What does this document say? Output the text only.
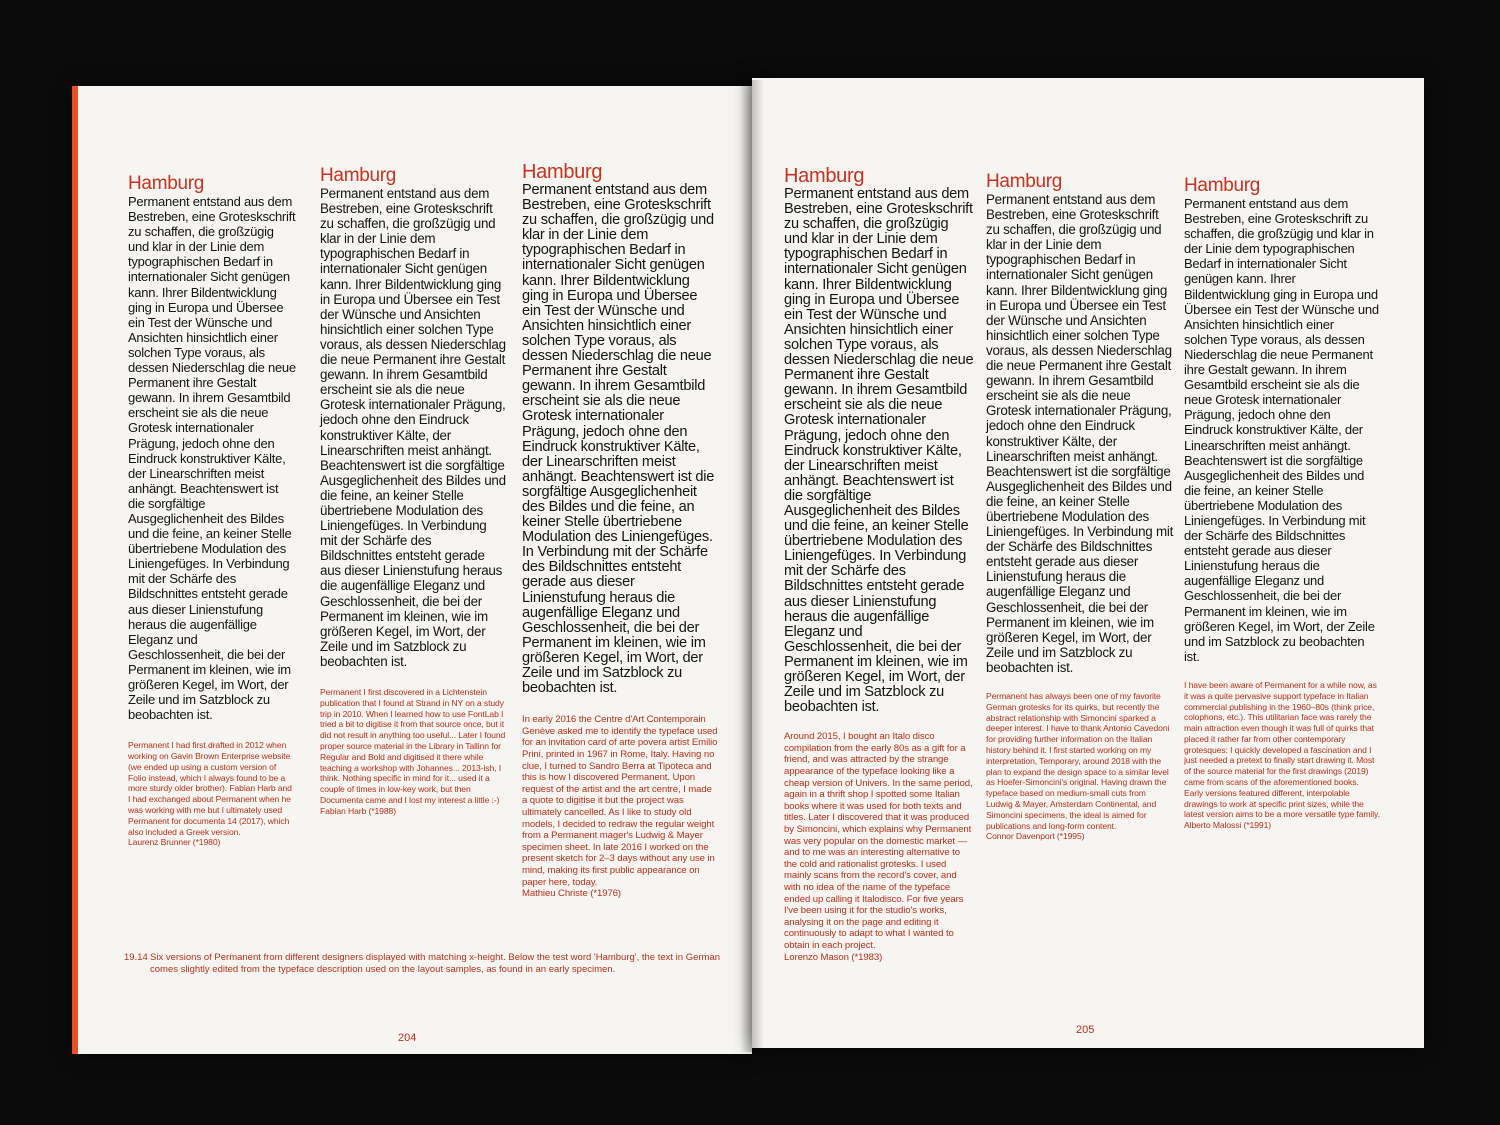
Hamburg

Permanent entstand aus dem Bestreben, eine Groteskschrift zu schaffen, die großzügig und klar in der Linie dem typographischen Bedarf in internationaler Sicht genügen kann. Ihrer Bildentwicklung ging in Europa und Übersee ein Test der Wünsche und Ansichten hinsichtlich einer solchen Type voraus, als dessen Niederschlag die neue Permanent ihre Gestalt gewann. In ihrem Gesamtbild erscheint sie als die neue Grotesk internationaler Prägung, jedoch ohne den Eindruck konstruktiver Kälte, der Linearschriften meist anhängt. Beachtenswert ist die sorgfältige Ausgeglichenheit des Bildes und die feine, an keiner Stelle übertriebene Modulation des Liniengefüges. In Verbindung mit der Schärfe des Bildschnittes entsteht gerade aus dieser Linienstufung heraus die augenfällige Eleganz und Geschlossenheit, die bei der Permanent im kleinen, wie im größeren Kegel, im Wort, der Zeile und im Satzblock zu beobachten ist.

Permanent I had first drafted in 2012 when working on Gavin Brown Enterprise website (we ended up using a custom version of Folio instead, which I always found to be a more sturdy older brother). Fabian Harb and I had exchanged about Permanent when he was working with me but I ultimately used Permanent for documenta 14 (2017), which also included a Greek version.

Laurenz Brunner (*1980)

Hamburg

Permanent entstand aus dem Bestreben, eine Groteskschrift zu schaffen, die großzügig und klar in der Linie dem typographischen Bedarf in internationaler Sicht genügen kann. Ihrer Bildentwicklung ging in Europa und Übersee ein Test der Wünsche und Ansichten hinsichtlich einer solchen Type voraus, als dessen Niederschlag die neue Permanent ihre Gestalt gewann. In ihrem Gesamtbild erscheint sie als die neue Grotesk internationaler Prägung, jedoch ohne den Eindruck konstruktiver Kälte, der Linearschriften meist anhängt. Beachtenswert ist die sorgfältige Ausgeglichenheit des Bildes und die feine, an keiner Stelle übertriebene Modulation des Liniengefüges. In Verbindung mit der Schärfe des Bildschnittes entsteht gerade aus dieser Linienstufung heraus die augenfällige Eleganz und Geschlossenheit, die bei der Permanent im kleinen, wie im größeren Kegel, im Wort, der Zeile und im Satzblock zu beobachten ist.

Permanent I first discovered in a Lichtenstein publication that I found at Strand in NY on a study trip in 2010. When I learned how to use FontLab I tried a bit to digitise it from that source once, but it did not result in anything too useful... Later I found proper source material in the Library in Tallinn for Regular and Bold and digitised it there while teaching a workshop with Johannes... 2013-ish, I think. Nothing specific in mind for it... used it a couple of times in low-key work, but then Documenta came and I lost my interest a little :-)

Fabian Harb (*1988)

Hamburg

Permanent entstand aus dem Bestreben, eine Groteskschrift zu schaffen, die großzügig und klar in der Linie dem typographischen Bedarf in internationaler Sicht genügen kann. Ihrer Bildentwicklung ging in Europa und Übersee ein Test der Wünsche und Ansichten hinsichtlich einer solchen Type voraus, als dessen Niederschlag die neue Permanent ihre Gestalt gewann. In ihrem Gesamtbild erscheint sie als die neue Grotesk internationaler Prägung, jedoch ohne den Eindruck konstruktiver Kälte, der Linearschriften meist anhängt. Beachtenswert ist die sorgfältige Ausgeglichenheit des Bildes und die feine, an keiner Stelle übertriebene Modulation des Liniengefüges. In Verbindung mit der Schärfe des Bildschnittes entsteht gerade aus dieser Linienstufung heraus die augenfällige Eleganz und Geschlossenheit, die bei der Permanent im kleinen, wie im größeren Kegel, im Wort, der Zeile und im Satzblock zu beobachten ist.

In early 2016 the Centre d'Art Contemporain Genève asked me to identify the typeface used for an invitation card of arte povera artist Emilio Prini, printed in 1967 in Rome, Italy. Having no clue, I turned to Sandro Berra at Tipoteca and this is how I discovered Permanent. Upon request of the artist and the art centre, I made a quote to digitise it but the project was ultimately cancelled. As I like to study old models, I decided to redraw the regular weight from a Permanent mager's Ludwig & Mayer specimen sheet. In late 2016 I worked on the present sketch for 2–3 days without any use in mind, making its first public appearance on paper here, today.

Mathieu Christe (*1976)

19.14 Six versions of Permanent from different designers displayed with matching x-height. Below the test word 'Hamburg', the text in German comes slightly edited from the typeface description used on the layout samples, as found in an early specimen.

204
Hamburg

Permanent entstand aus dem Bestreben, eine Groteskschrift zu schaffen, die großzügig und klar in der Linie dem typographischen Bedarf in internationaler Sicht genügen kann. Ihrer Bildentwicklung ging in Europa und Übersee ein Test der Wünsche und Ansichten hinsichtlich einer solchen Type voraus, als dessen Niederschlag die neue Permanent ihre Gestalt gewann. In ihrem Gesamtbild erscheint sie als die neue Grotesk internationaler Prägung, jedoch ohne den Eindruck konstruktiver Kälte, der Linearschriften meist anhängt. Beachtenswert ist die sorgfältige Ausgeglichenheit des Bildes und die feine, an keiner Stelle übertriebene Modulation des Liniengefüges. In Verbindung mit der Schärfe des Bildschnittes entsteht gerade aus dieser Linienstufung heraus die augenfällige Eleganz und Geschlossenheit, die bei der Permanent im kleinen, wie im größeren Kegel, im Wort, der Zeile und im Satzblock zu beobachten ist.

Around 2015, I bought an Italo disco compilation from the early 80s as a gift for a friend, and was attracted by the strange appearance of the typeface looking like a cheap version of Univers. In the same period, again in a thrift shop I spotted some Italian books where it was used for both texts and titles. Later I discovered that it was produced by Simoncini, which explains why Permanent was very popular on the domestic market — and to me was an interesting alternative to the cold and rationalist grotesks. I used mainly scans from the record's cover, and with no idea of the name of the typeface ended up calling it Italodisco. For five years I've been using it for the studio's works, analysing it on the page and editing it continuously to adapt to what I wanted to obtain in each project.

Lorenzo Mason (*1983)

Hamburg

Permanent entstand aus dem Bestreben, eine Groteskschrift zu schaffen, die großzügig und klar in der Linie dem typographischen Bedarf in internationaler Sicht genügen kann. Ihrer Bildentwicklung ging in Europa und Übersee ein Test der Wünsche und Ansichten hinsichtlich einer solchen Type voraus, als dessen Niederschlag die neue Permanent ihre Gestalt gewann. In ihrem Gesamtbild erscheint sie als die neue Grotesk internationaler Prägung, jedoch ohne den Eindruck konstruktiver Kälte, der Linearschriften meist anhängt. Beachtenswert ist die sorgfältige Ausgeglichenheit des Bildes und die feine, an keiner Stelle übertriebene Modulation des Liniengefüges. In Verbindung mit der Schärfe des Bildschnittes entsteht gerade aus dieser Linienstufung heraus die augenfällige Eleganz und Geschlossenheit, die bei der Permanent im kleinen, wie im größeren Kegel, im Wort, der Zeile und im Satzblock zu beobachten ist.

Permanent has always been one of my favorite German grotesks for its quirks, but recently the abstract relationship with Simoncini sparked a deeper interest. I have to thank Antonio Cavedoni for providing further information on the Italian history behind it. I first started working on my interpretation, Temporary, around 2018 with the plan to expand the design space to a similar level as Hoefer-Simoncini's original. Having drawn the typeface based on medium-small cuts from Ludwig & Mayer, Amsterdam Continental, and Simoncini specimens, the ideal is aimed for publications and long-form content.

Connor Davenport (*1995)

Hamburg

Permanent entstand aus dem Bestreben, eine Groteskschrift zu schaffen, die großzügig und klar in der Linie dem typographischen Bedarf in internationaler Sicht genügen kann. Ihrer Bildentwicklung ging in Europa und Übersee ein Test der Wünsche und Ansichten hinsichtlich einer solchen Type voraus, als dessen Niederschlag die neue Permanent ihre Gestalt gewann. In ihrem Gesamtbild erscheint sie als die neue Grotesk internationaler Prägung, jedoch ohne den Eindruck konstruktiver Kälte, der Linearschriften meist anhängt. Beachtenswert ist die sorgfältige Ausgeglichenheit des Bildes und die feine, an keiner Stelle übertriebene Modulation des Liniengefüges. In Verbindung mit der Schärfe des Bildschnittes entsteht gerade aus dieser Linienstufung heraus die augenfällige Eleganz und Geschlossenheit, die bei der Permanent im kleinen, wie im größeren Kegel, im Wort, der Zeile und im Satzblock zu beobachten ist.

I have been aware of Permanent for a while now, as it was a quite pervasive support typeface in Italian commercial publishing in the 1960–80s (think price, colophons, etc.). This utilitarian face was rarely the main attraction even though it was full of quirks that placed it rather far from other contemporary grotesques: I quickly developed a fascination and I just needed a pretext to finally start drawing it. Most of the source material for the first drawings (2019) came from scans of the aforementioned books. Early versions featured different, interpolable drawings to work at specific print sizes, while the latest version aims to be a more versatile type family.

Alberto Malossi (*1991)

205
